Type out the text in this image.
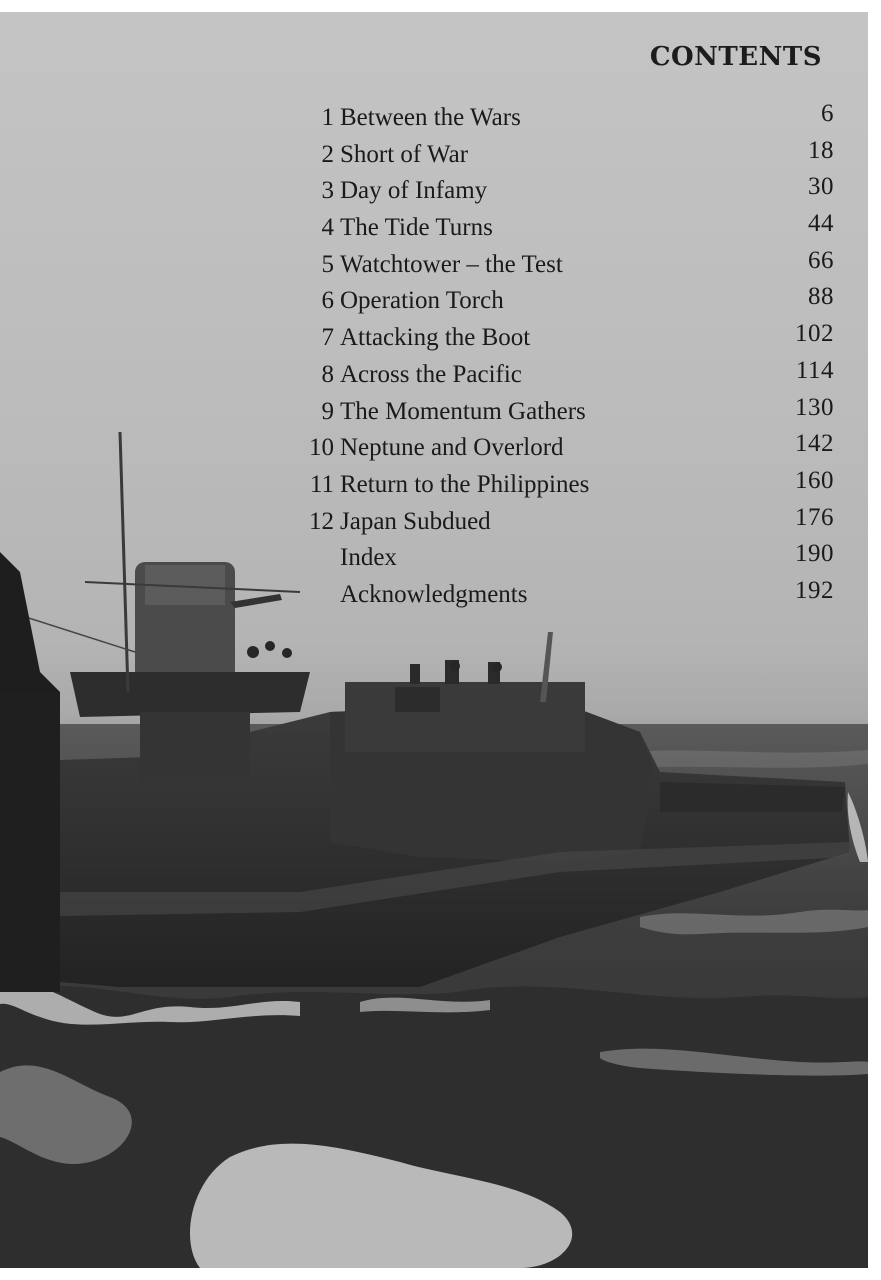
CONTENTS
1 Between the Wars	6
2 Short of War	18
3 Day of Infamy	30
4 The Tide Turns	44
5 Watchtower – the Test	66
6 Operation Torch	88
7 Attacking the Boot	102
8 Across the Pacific	114
9 The Momentum Gathers	130
10 Neptune and Overlord	142
11 Return to the Philippines	160
12 Japan Subdued	176
Index	190
Acknowledgments	192
